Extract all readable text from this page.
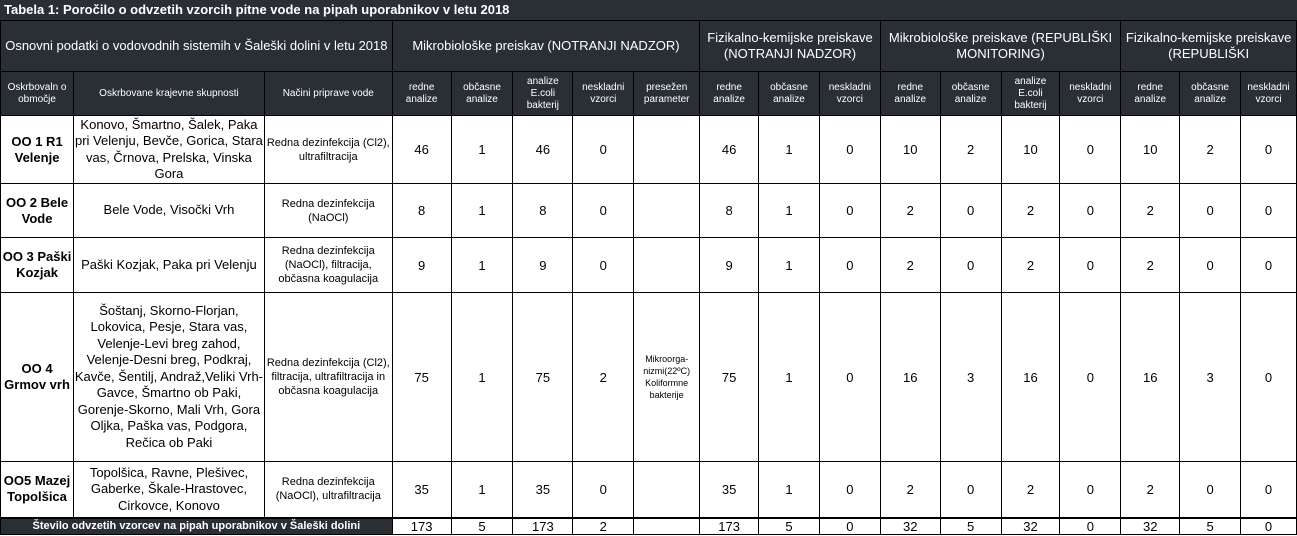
Tabela 1: Poročilo o odvzetih vzorcih pitne vode na pipah uporabnikov v letu 2018
Osnovni podatki o vodovodnih sistemih v Šaleški dolini v letu 2018			Mikrobiološke preiskav (NOTRANJI NADZOR)					Fizikalno-kemijske preiskave (NOTRANJI NADZOR)			Mikrobiološke preiskave (REPUBLIŠKI MONITORING)				Fizikalno-kemijske preiskave (REPUBLIŠKI		
Oskrbovaln o območje	Oskrbovane krajevne skupnosti	Načini priprave vode	redne analize	občasne analize	analize E.coli bakterij	neskladni vzorci	presežen parameter	redne analize	občasne analize	neskladni vzorci	redne analize	občasne analize	analize E.coli bakterij	neskladni vzorci	redne analize	občasne analize	neskladni vzorci
OO 1 R1 Velenje	Konovo, Šmartno, Šalek, Paka pri Velenju, Bevče, Gorica, Stara vas, Črnova, Prelska, Vinska Gora	Redna dezinfekcija (Cl2), ultrafiltracija	46	1	46	0		46	1	0	10	2	10	0	10	2	0
OO 2 Bele Vode	Bele Vode, Visočki Vrh	Redna dezinfekcija (NaOCl)	8	1	8	0		8	1	0	2	0	2	0	2	0	0
OO 3 Paški Kozjak	Paški Kozjak, Paka pri Velenju	Redna dezinfekcija (NaOCl), filtracija, občasna koagulacija	9	1	9	0		9	1	0	2	0	2	0	2	0	0
OO 4 Grmov vrh	Šoštanj, Skorno-Florjan, Lokovica, Pesje, Stara vas, Velenje-Levi breg zahod, Velenje-Desni breg, Podkraj, Kavče, Šentilj, Andraž,Veliki Vrh-Gavce, Šmartno ob Paki, Gorenje-Skorno, Mali Vrh, Gora Oljka, Paška vas, Podgora, Rečica ob Paki	Redna dezinfekcija (Cl2), filtracija, ultrafiltracija in občasna koagulacija	75	1	75	2	Mikroorga-nizmi(22ºC) Koliformne bakterije	75	1	0	16	3	16	0	16	3	0
OO5 Mazej Topolšica	Topolšica, Ravne, Plešivec, Gaberke, Škale-Hrastovec, Cirkovce, Konovo	Redna dezinfekcija (NaOCl), ultrafiltracija	35	1	35	0		35	1	0	2	0	2	0	2	0	0
Število odvzetih vzorcev na pipah uporabnikov v Šaleški dolini			173	5	173	2		173	5	0	32	5	32	0	32	5	0
